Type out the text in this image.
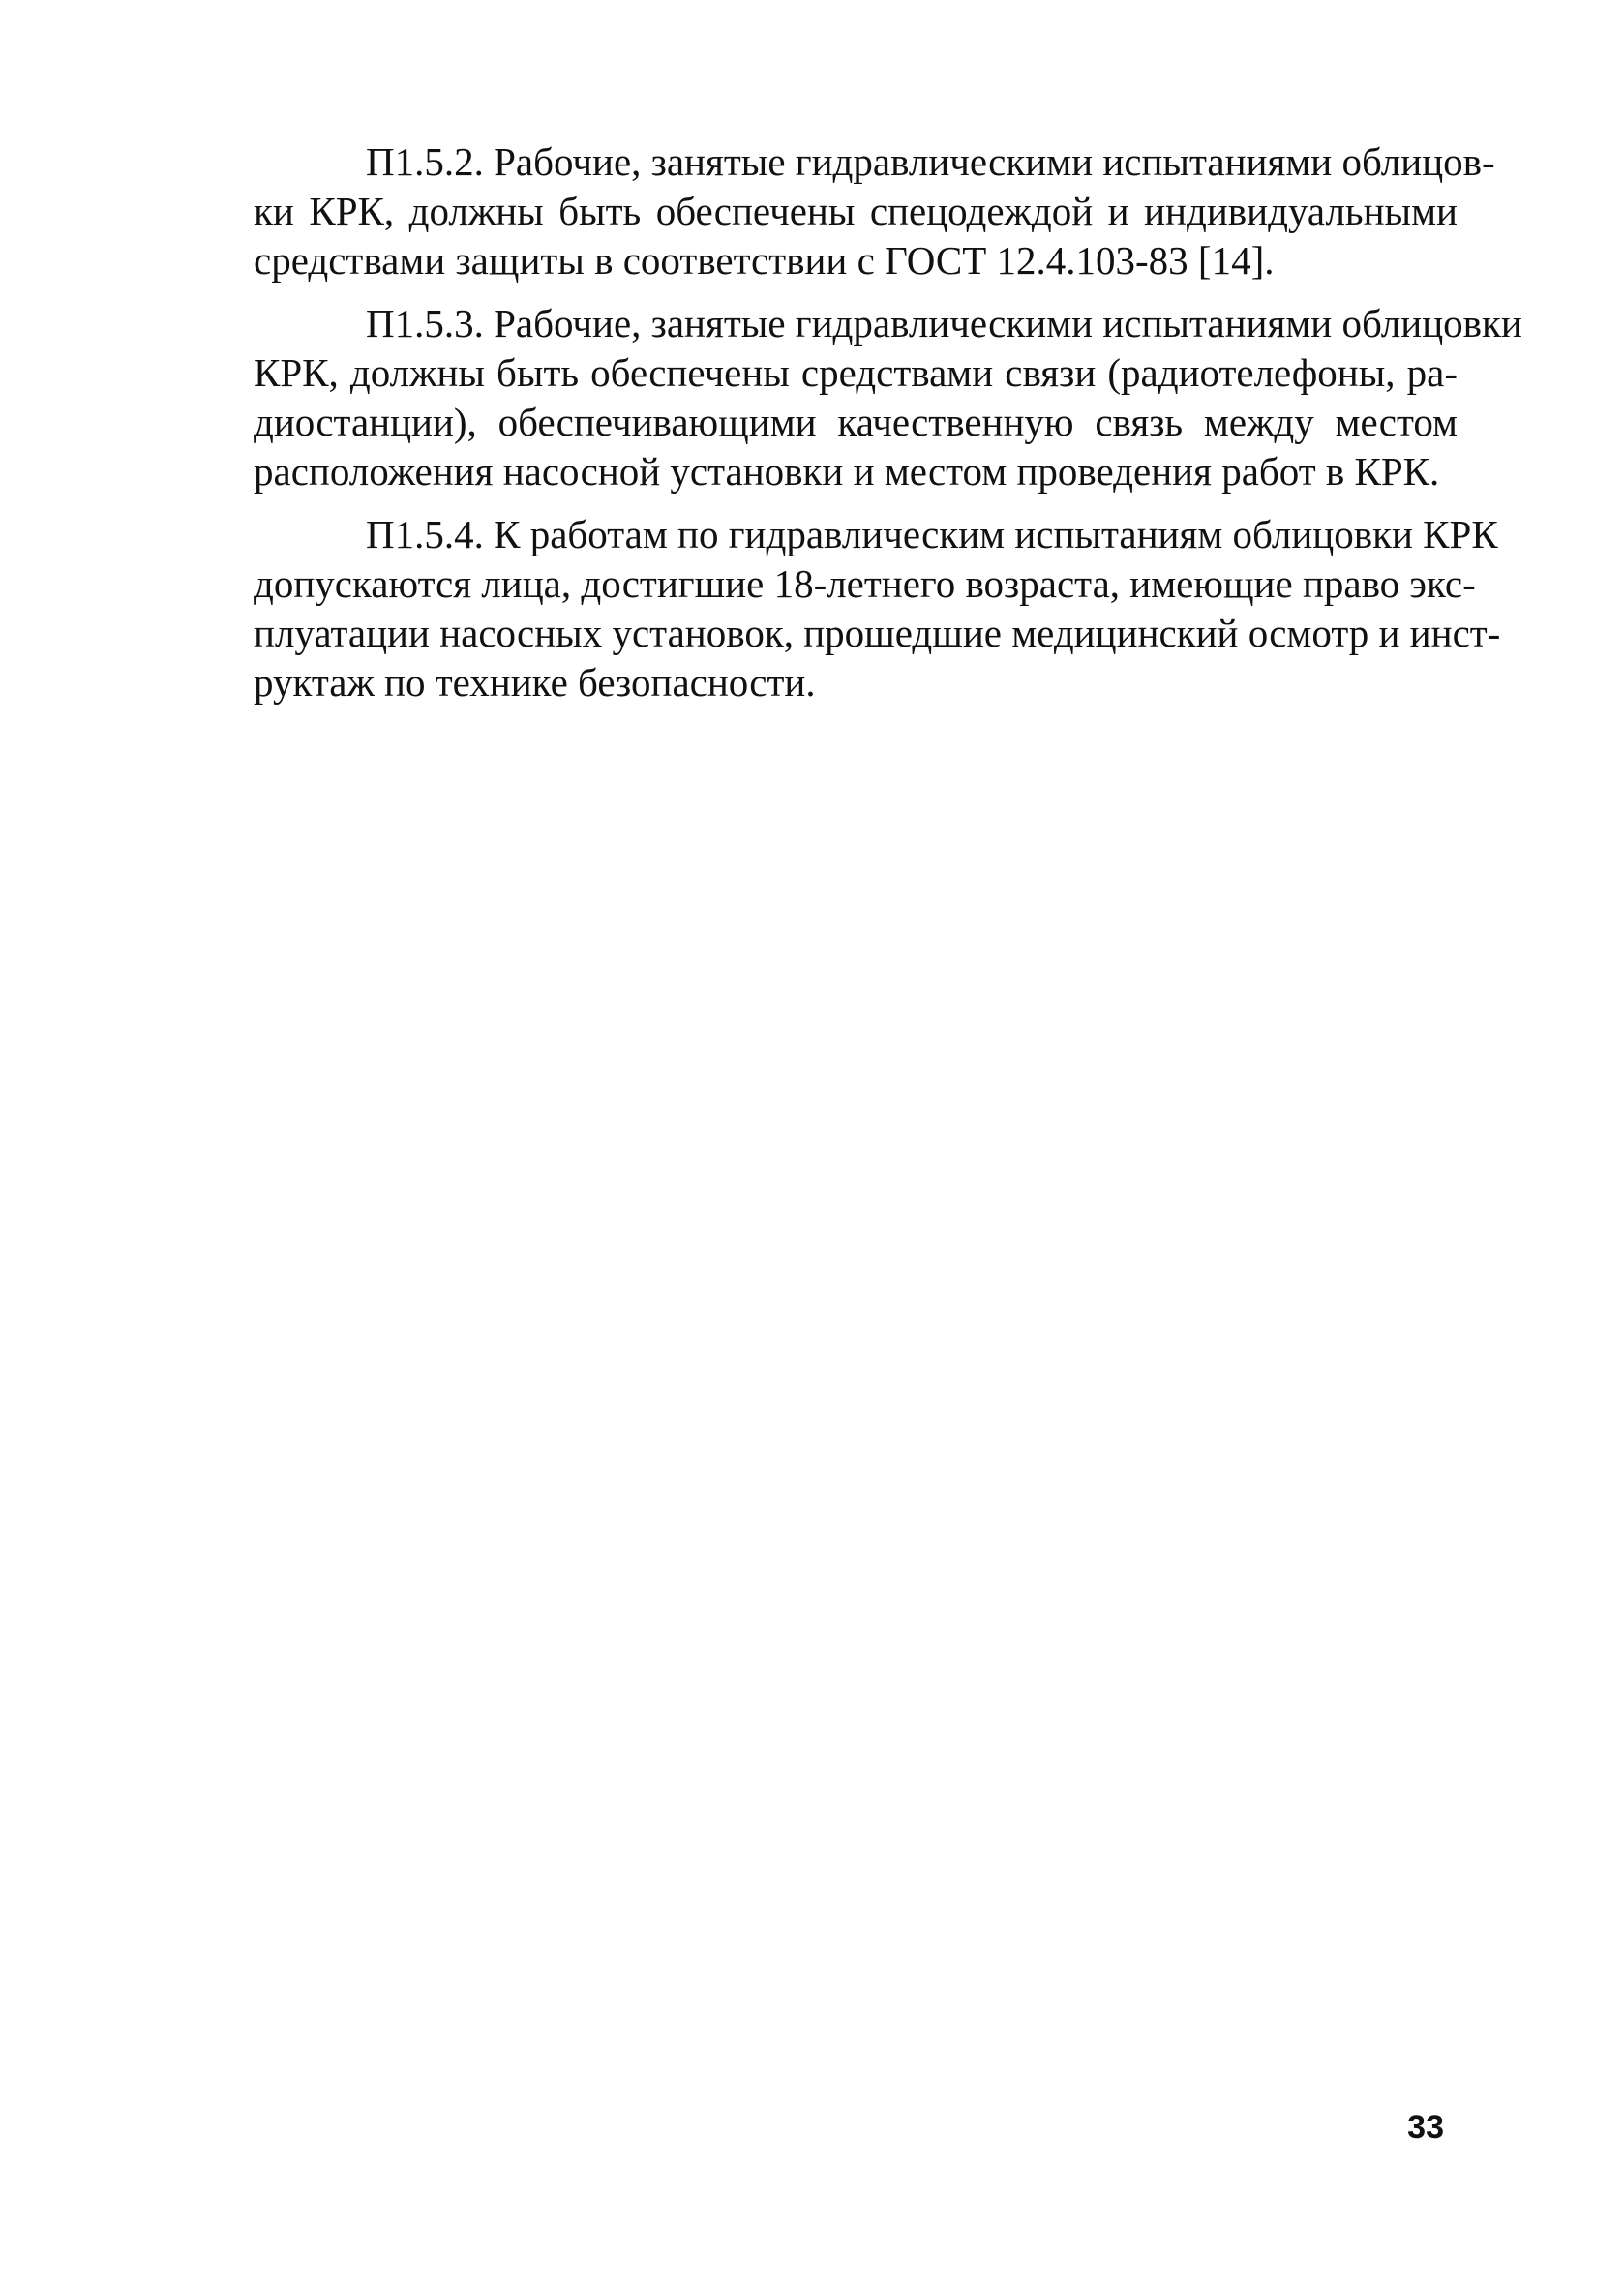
П1.5.2. Рабочие, занятые гидравлическими испытаниями облицов-
ки КРК, должны быть обеспечены спецодеждой и индивидуальными
средствами защиты в соответствии с ГОСТ 12.4.103-83 [14].
П1.5.3. Рабочие, занятые гидравлическими испытаниями облицовки
КРК, должны быть обеспечены средствами связи (радиотелефоны, ра-
диостанции), обеспечивающими качественную связь между местом
расположения насосной установки и местом проведения работ в КРК.
П1.5.4. К работам по гидравлическим испытаниям облицовки КРК
допускаются лица, достигшие 18-летнего возраста, имеющие право экс-
плуатации насосных установок, прошедшие медицинский осмотр и инст-
руктаж по технике безопасности.
33
